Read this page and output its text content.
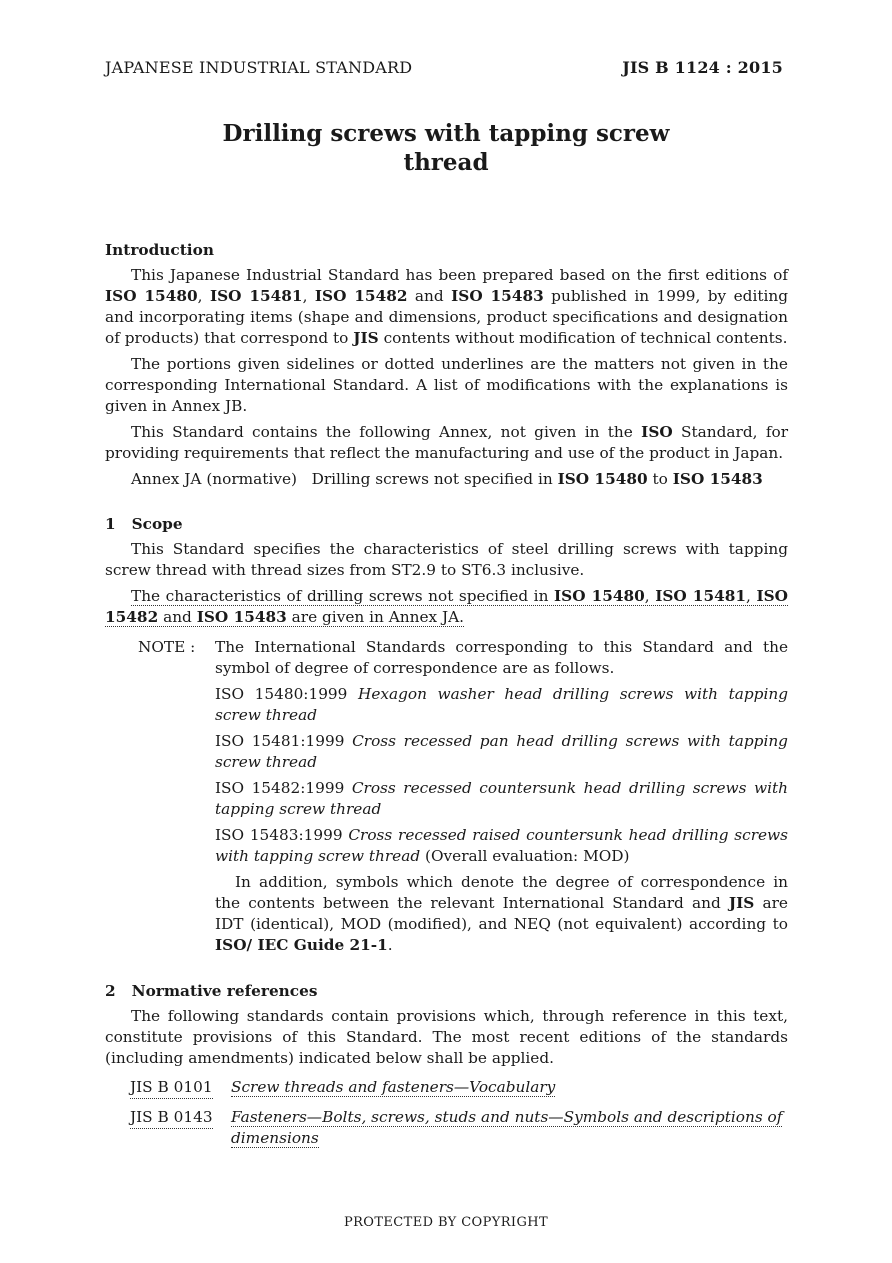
JAPANESE INDUSTRIAL STANDARD	JIS B 1124 : 2015
Drilling screws with tapping screw
thread
Introduction
This Japanese Industrial Standard has been prepared based on the first editions of ISO 15480, ISO 15481, ISO 15482 and ISO 15483 published in 1999, by editing and incorporating items (shape and dimensions, product specifications and designation of products) that correspond to JIS contents without modification of technical contents.
The portions given sidelines or dotted underlines are the matters not given in the corresponding International Standard. A list of modifications with the explanations is given in Annex JB.
This Standard contains the following Annex, not given in the ISO Standard, for providing requirements that reflect the manufacturing and use of the product in Japan.
Annex JA (normative)   Drilling screws not specified in ISO 15480 to ISO 15483
1   Scope
This Standard specifies the characteristics of steel drilling screws with tapping screw thread with thread sizes from ST2.9 to ST6.3 inclusive.
The characteristics of drilling screws not specified in ISO 15480, ISO 15481, ISO 15482 and ISO 15483 are given in Annex JA.
NOTE : The International Standards corresponding to this Standard and the symbol of degree of correspondence are as follows.
ISO 15480:1999 Hexagon washer head drilling screws with tapping screw thread
ISO 15481:1999 Cross recessed pan head drilling screws with tapping screw thread
ISO 15482:1999 Cross recessed countersunk head drilling screws with tapping screw thread
ISO 15483:1999 Cross recessed raised countersunk head drilling screws with tapping screw thread (Overall evaluation: MOD)
In addition, symbols which denote the degree of correspondence in the contents between the relevant International Standard and JIS are IDT (identical), MOD (modified), and NEQ (not equivalent) according to ISO/ IEC Guide 21-1.
2   Normative references
The following standards contain provisions which, through reference in this text, constitute provisions of this Standard. The most recent editions of the standards (including amendments) indicated below shall be applied.
JIS B 0101 Screw threads and fasteners—Vocabulary
JIS B 0143 Fasteners—Bolts, screws, studs and nuts—Symbols and descriptions of dimensions
PROTECTED BY COPYRIGHT
